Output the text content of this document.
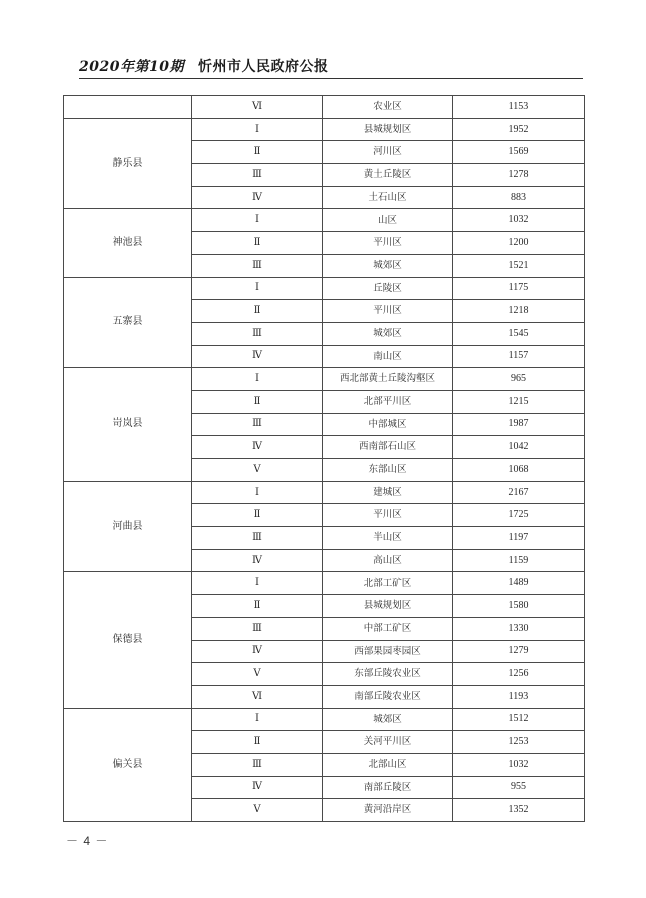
2020年第10期 忻州市人民政府公报
	Ⅵ	农业区	1153
静乐县	Ⅰ	县城规划区	1952
	Ⅱ	河川区	1569
	Ⅲ	黄土丘陵区	1278
	Ⅳ	土石山区	883
神池县	Ⅰ	山区	1032
	Ⅱ	平川区	1200
	Ⅲ	城郊区	1521
五寨县	Ⅰ	丘陵区	1175
	Ⅱ	平川区	1218
	Ⅲ	城郊区	1545
	Ⅳ	南山区	1157
岢岚县	Ⅰ	西北部黄土丘陵沟壑区	965
	Ⅱ	北部平川区	1215
	Ⅲ	中部城区	1987
	Ⅳ	西南部石山区	1042
	Ⅴ	东部山区	1068
河曲县	Ⅰ	建城区	2167
	Ⅱ	平川区	1725
	Ⅲ	半山区	1197
	Ⅳ	高山区	1159
保德县	Ⅰ	北部工矿区	1489
	Ⅱ	县城规划区	1580
	Ⅲ	中部工矿区	1330
	Ⅳ	西部果园枣园区	1279
	Ⅴ	东部丘陵农业区	1256
	Ⅵ	南部丘陵农业区	1193
偏关县	Ⅰ	城郊区	1512
	Ⅱ	关河平川区	1253
	Ⅲ	北部山区	1032
	Ⅳ	南部丘陵区	955
	Ⅴ	黄河沿岸区	1352
－ 4 －
